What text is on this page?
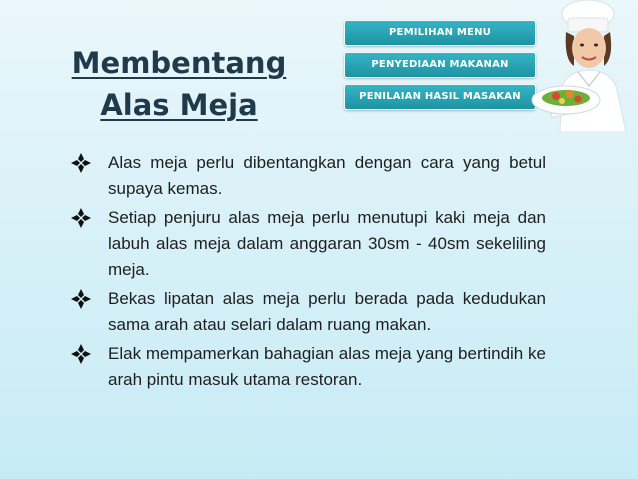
Membentang
Alas Meja
PEMILIHAN MENU
PENYEDIAAN MAKANAN
PENILAIAN HASIL MASAKAN
Alas meja perlu dibentangkan dengan cara yang betul supaya kemas.
Setiap penjuru alas meja perlu menutupi kaki meja dan labuh alas meja dalam anggaran 30sm - 40sm sekeliling meja.
Bekas lipatan alas meja perlu berada pada kedudukan sama arah atau selari dalam ruang makan.
Elak mempamerkan bahagian alas meja yang bertindih ke arah pintu masuk utama restoran.
